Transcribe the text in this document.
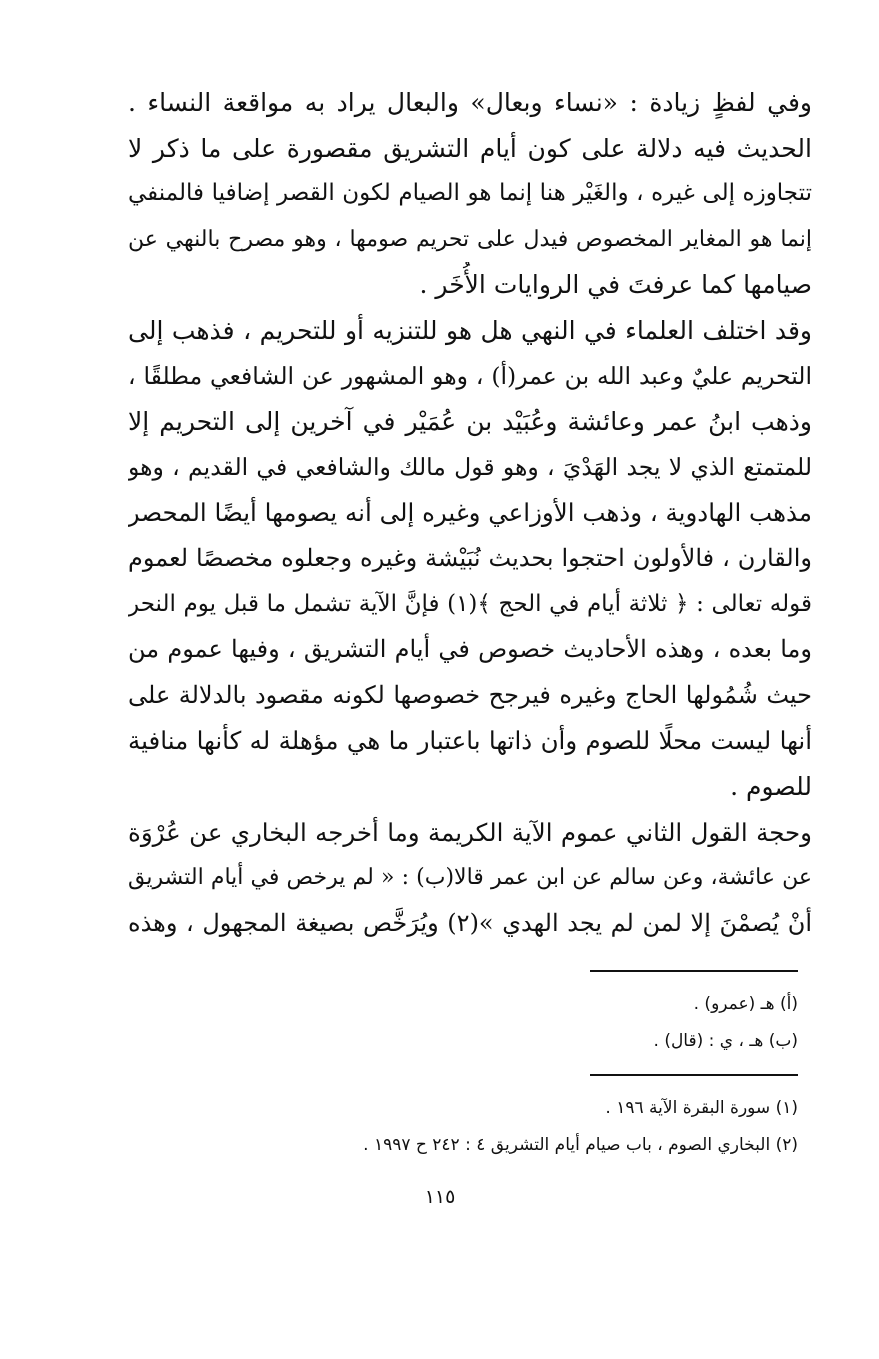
وفي لفظٍ زيادة : «نساء وبعال» والبعال يراد به مواقعة النساء .
الحديث فيه دلالة على كون أيام التشريق مقصورة على ما ذكر لا
تتجاوزه إلى غيره ، والغَيْر هنا إنما هو الصيام لكون القصر إضافيا فالمنفي
إنما هو المغاير المخصوص فيدل على تحريم صومها ، وهو مصرح بالنهي عن
صيامها كما عرفتَ في الروايات الأُخَر .
وقد اختلف العلماء في النهي هل هو للتنزيه أو للتحريم ، فذهب إلى
التحريم عليٌ وعبد الله بن عمر(أ) ، وهو المشهور عن الشافعي مطلقًا ،
وذهب ابنُ عمر وعائشة وعُبَيْد بن عُمَيْر في آخرين إلى التحريم إلا
للمتمتع الذي لا يجد الهَدْيَ ، وهو قول مالك والشافعي في القديم ، وهو
مذهب الهادوية ، وذهب الأوزاعي وغيره إلى أنه يصومها أيضًا المحصر
والقارن ، فالأولون احتجوا بحديث نُبَيْشة وغيره وجعلوه مخصصًا لعموم
قوله تعالى : ﴿ ثلاثة أيام في الحج ﴾(١) فإنَّ الآية تشمل ما قبل يوم النحر
وما بعده ، وهذه الأحاديث خصوص في أيام التشريق ، وفيها عموم من
حيث شُمُولها الحاج وغيره فيرجح خصوصها لكونه مقصود بالدلالة على
أنها ليست محلًا للصوم وأن ذاتها باعتبار ما هي مؤهلة له كأنها منافية
للصوم .
وحجة القول الثاني عموم الآية الكريمة وما أخرجه البخاري عن عُرْوَة
عن عائشة، وعن سالم عن ابن عمر قالا(ب) : « لم يرخص في أيام التشريق
أنْ يُصمْنَ إلا لمن لم يجد الهدي »(٢) ويُرَخَّص بصيغة المجهول ، وهذه
(أ) هـ (عمرو) .
(ب) هـ ، ي : (قال) .
(١) سورة البقرة الآية ١٩٦ .
(٢) البخاري الصوم ، باب صيام أيام التشريق ٤ : ٢٤٢ ح ١٩٩٧ .
١١٥
